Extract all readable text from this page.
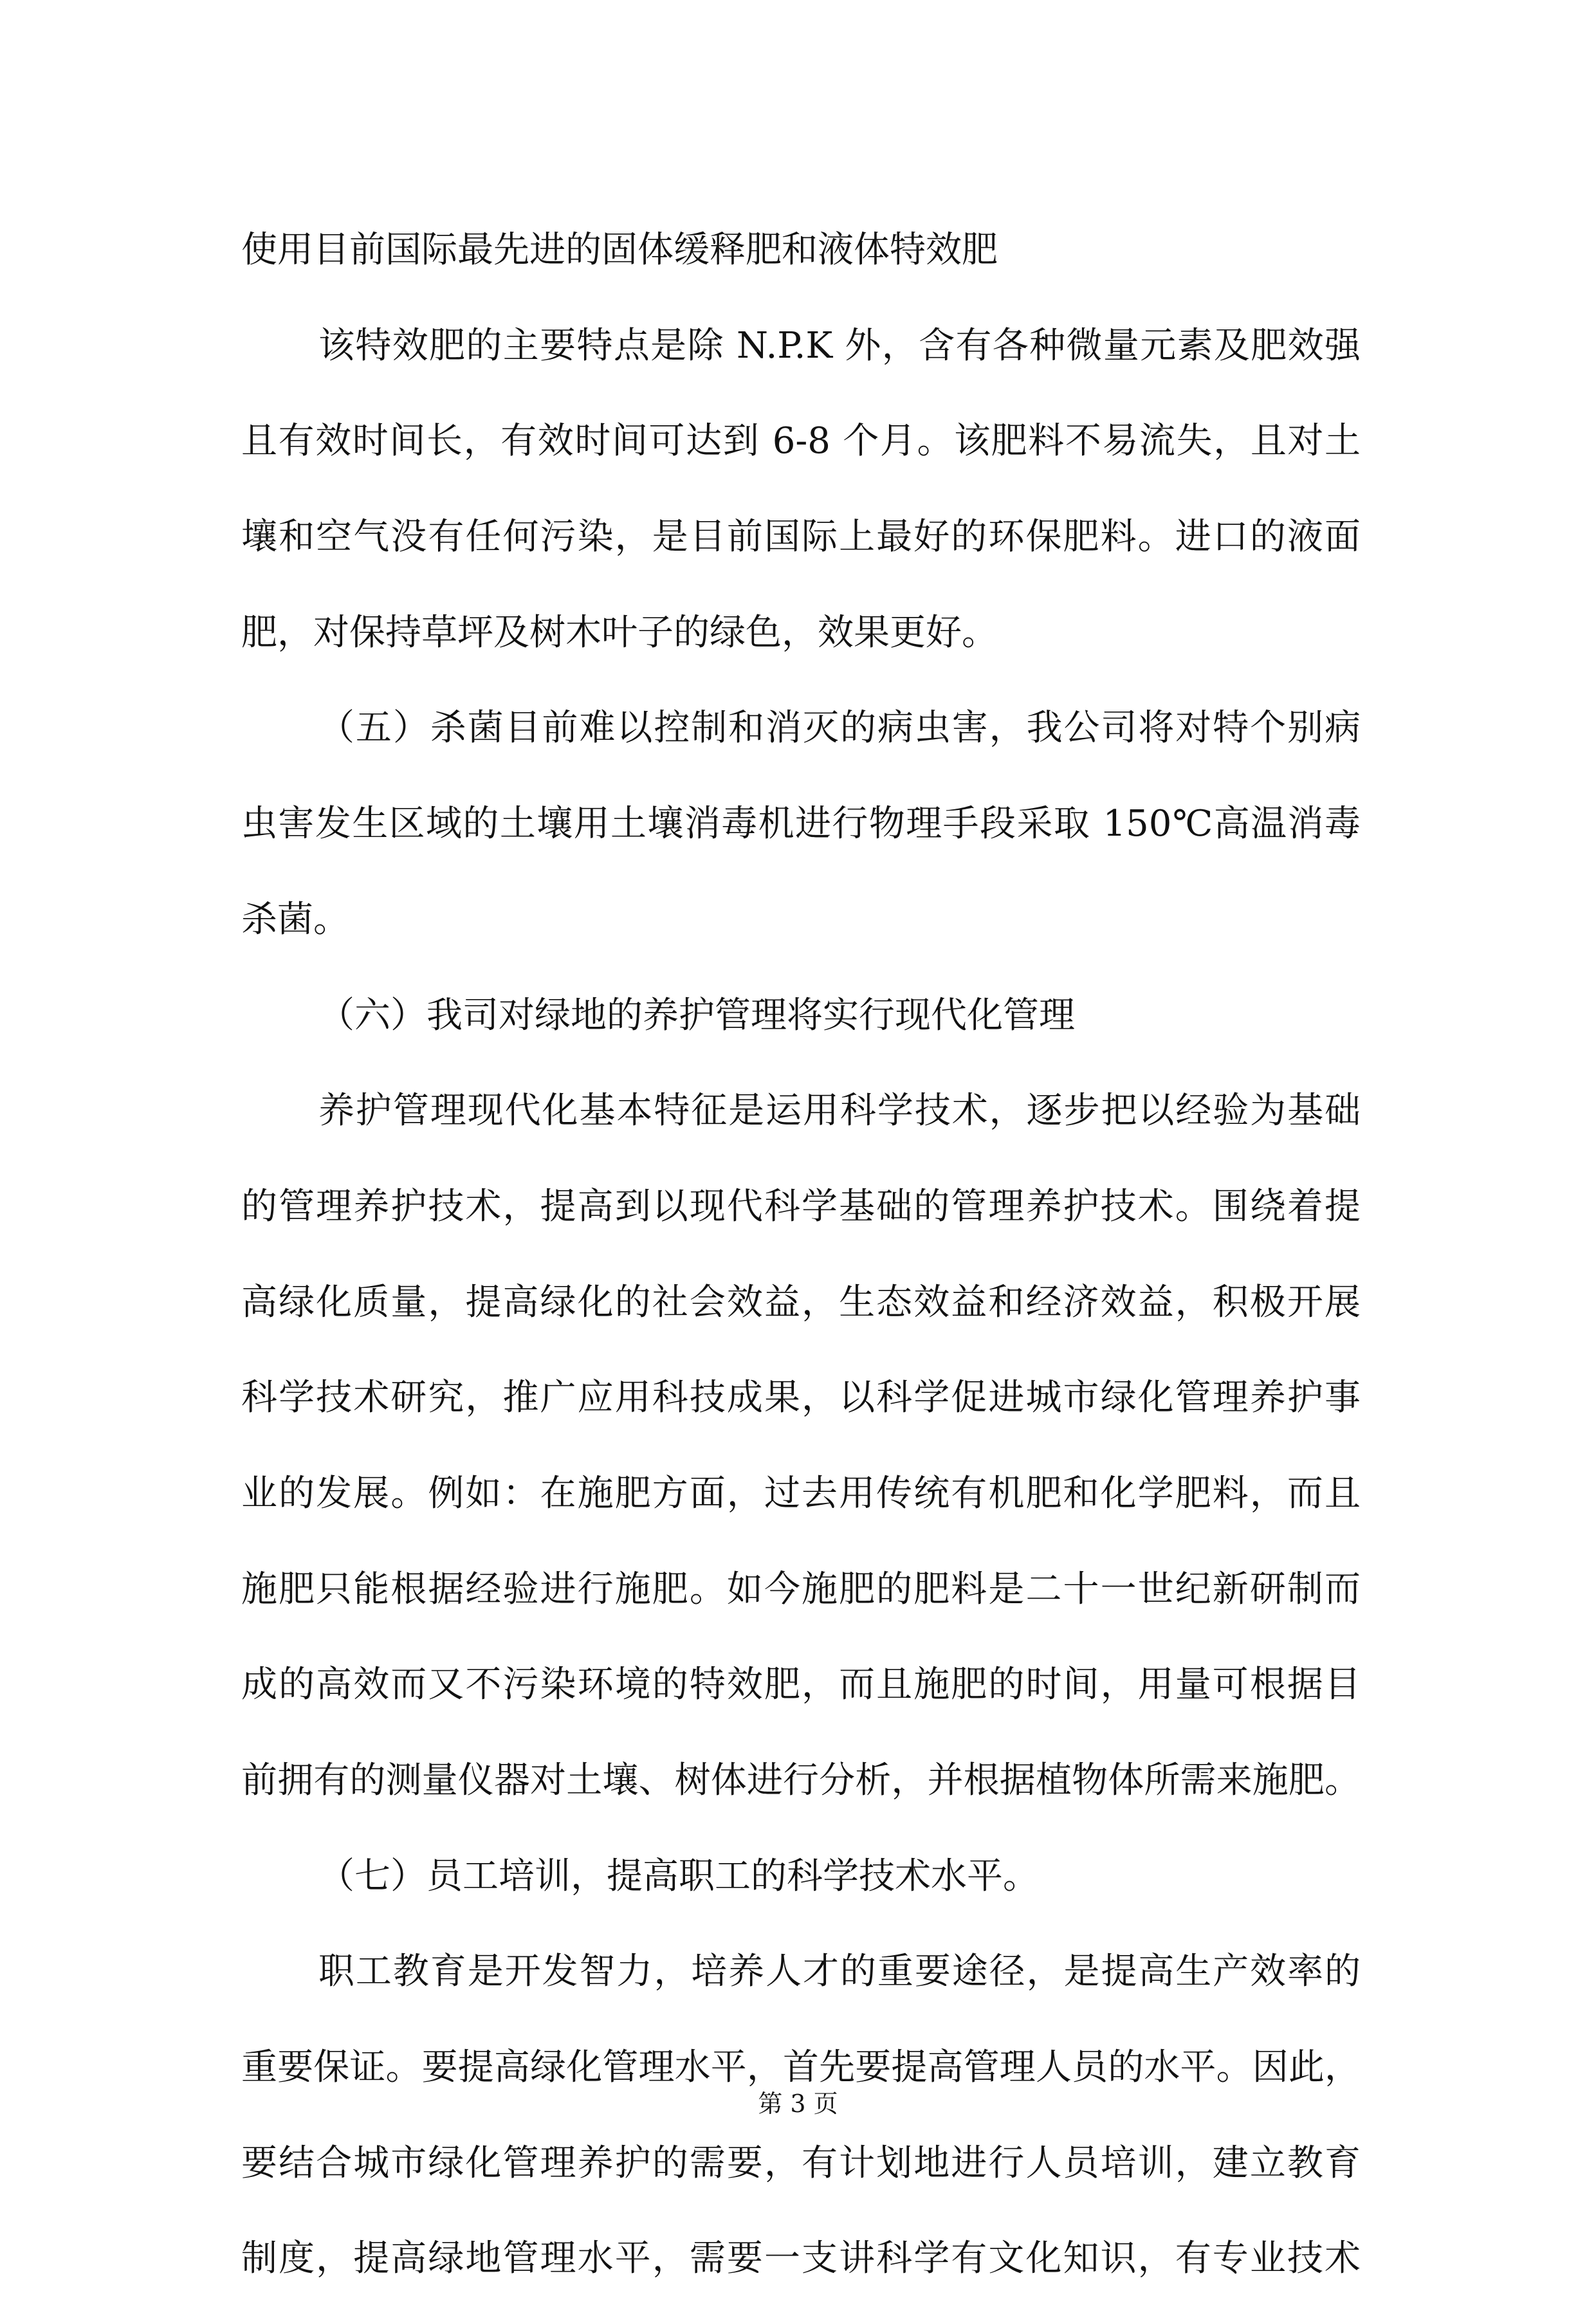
使用目前国际最先进的固体缓释肥和液体特效肥
该特效肥的主要特点是除 N.P.K 外，含有各种微量元素及肥效强
且有效时间长，有效时间可达到 6-8 个月。该肥料不易流失，且对土
壤和空气没有任何污染，是目前国际上最好的环保肥料。进口的液面
肥，对保持草坪及树木叶子的绿色，效果更好。
（五）杀菌目前难以控制和消灭的病虫害，我公司将对特个别病
虫害发生区域的土壤用土壤消毒机进行物理手段采取 150℃高温消毒
杀菌。
（六）我司对绿地的养护管理将实行现代化管理
养护管理现代化基本特征是运用科学技术，逐步把以经验为基础
的管理养护技术，提高到以现代科学基础的管理养护技术。围绕着提
高绿化质量，提高绿化的社会效益，生态效益和经济效益，积极开展
科学技术研究，推广应用科技成果，以科学促进城市绿化管理养护事
业的发展。例如：在施肥方面，过去用传统有机肥和化学肥料，而且
施肥只能根据经验进行施肥。如今施肥的肥料是二十一世纪新研制而
成的高效而又不污染环境的特效肥，而且施肥的时间，用量可根据目
前拥有的测量仪器对土壤、树体进行分析，并根据植物体所需来施肥。
（七）员工培训，提高职工的科学技术水平。
职工教育是开发智力，培养人才的重要途径，是提高生产效率的
重要保证。要提高绿化管理水平，首先要提高管理人员的水平。因此，
要结合城市绿化管理养护的需要，有计划地进行人员培训，建立教育
制度，提高绿地管理水平，需要一支讲科学有文化知识，有专业技术
第 3 页
